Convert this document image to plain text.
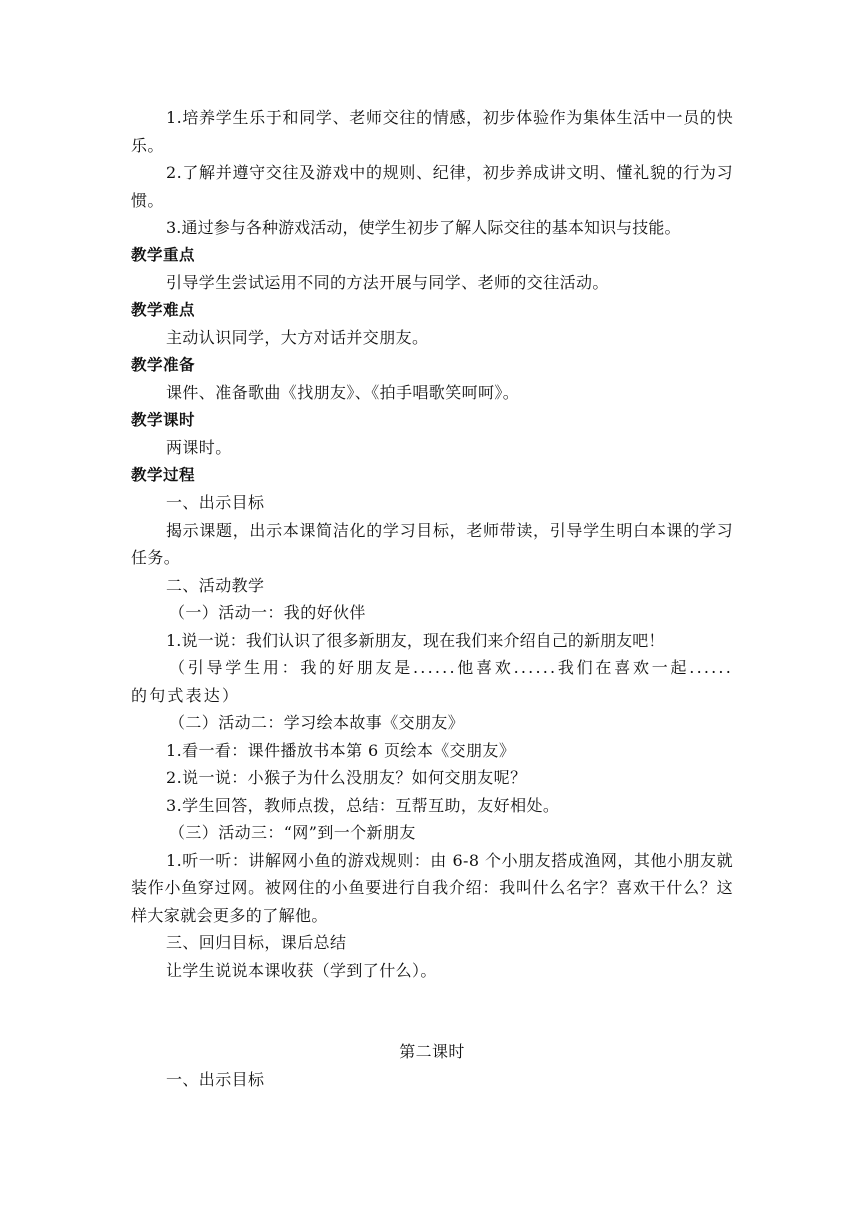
1.培养学生乐于和同学、老师交往的情感，初步体验作为集体生活中一员的快乐。

2.了解并遵守交往及游戏中的规则、纪律，初步养成讲文明、懂礼貌的行为习惯。

3.通过参与各种游戏活动，使学生初步了解人际交往的基本知识与技能。

教学重点

引导学生尝试运用不同的方法开展与同学、老师的交往活动。

教学难点

主动认识同学，大方对话并交朋友。

教学准备

课件、准备歌曲《找朋友》、《拍手唱歌笑呵呵》。

教学课时

两课时。

教学过程

一、出示目标

揭示课题，出示本课简洁化的学习目标，老师带读，引导学生明白本课的学习任务。

二、活动教学

（一）活动一：我的好伙伴

1.说一说：我们认识了很多新朋友，现在我们来介绍自己的新朋友吧！

（引导学生用：我的好朋友是......他喜欢......我们在喜欢一起......的句式表达）

（二）活动二：学习绘本故事《交朋友》

1.看一看：课件播放书本第 6 页绘本《交朋友》

2.说一说：小猴子为什么没朋友？如何交朋友呢？

3.学生回答，教师点拨，总结：互帮互助，友好相处。

（三）活动三：“网”到一个新朋友

1.听一听：讲解网小鱼的游戏规则：由 6-8 个小朋友搭成渔网，其他小朋友就装作小鱼穿过网。被网住的小鱼要进行自我介绍：我叫什么名字？喜欢干什么？这样大家就会更多的了解他。

三、回归目标，课后总结

让学生说说本课收获（学到了什么）。

第二课时

一、出示目标
